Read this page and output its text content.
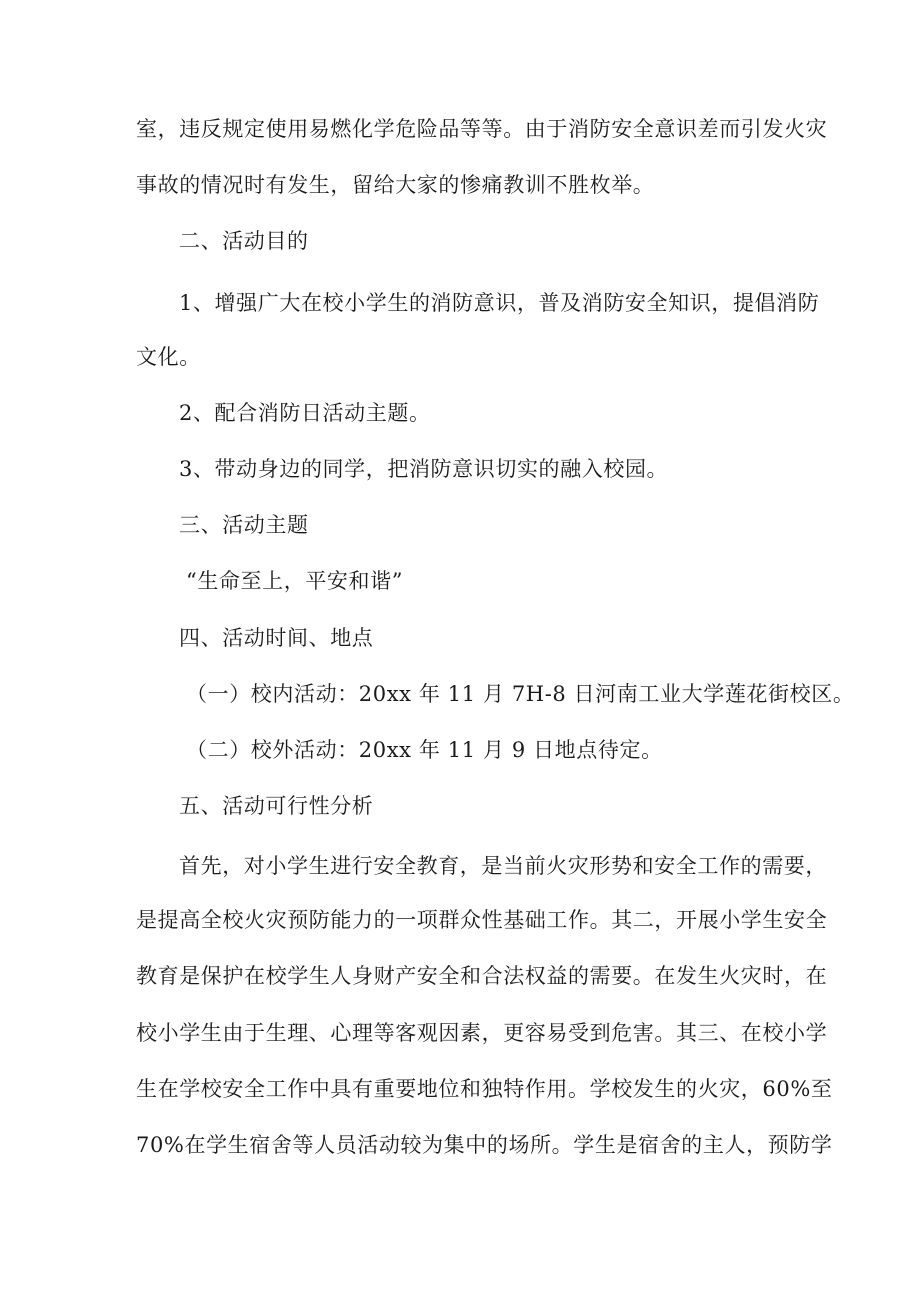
室，违反规定使用易燃化学危险品等等。由于消防安全意识差而引发火灾
事故的情况时有发生，留给大家的惨痛教训不胜枚举。
二、活动目的
1、增强广大在校小学生的消防意识，普及消防安全知识，提倡消防
文化。
2、配合消防日活动主题。
3、带动身边的同学，把消防意识切实的融入校园。
三、活动主题
“生命至上，平安和谐”
四、活动时间、地点
（一）校内活动：20xx 年 11 月 7H-8 日河南工业大学莲花街校区。
（二）校外活动：20xx 年 11 月 9 日地点待定。
五、活动可行性分析
首先，对小学生进行安全教育，是当前火灾形势和安全工作的需要，
是提高全校火灾预防能力的一项群众性基础工作。其二，开展小学生安全
教育是保护在校学生人身财产安全和合法权益的需要。在发生火灾时，在
校小学生由于生理、心理等客观因素，更容易受到危害。其三、在校小学
生在学校安全工作中具有重要地位和独特作用。学校发生的火灾，60%至
70%在学生宿舍等人员活动较为集中的场所。学生是宿舍的主人，预防学
